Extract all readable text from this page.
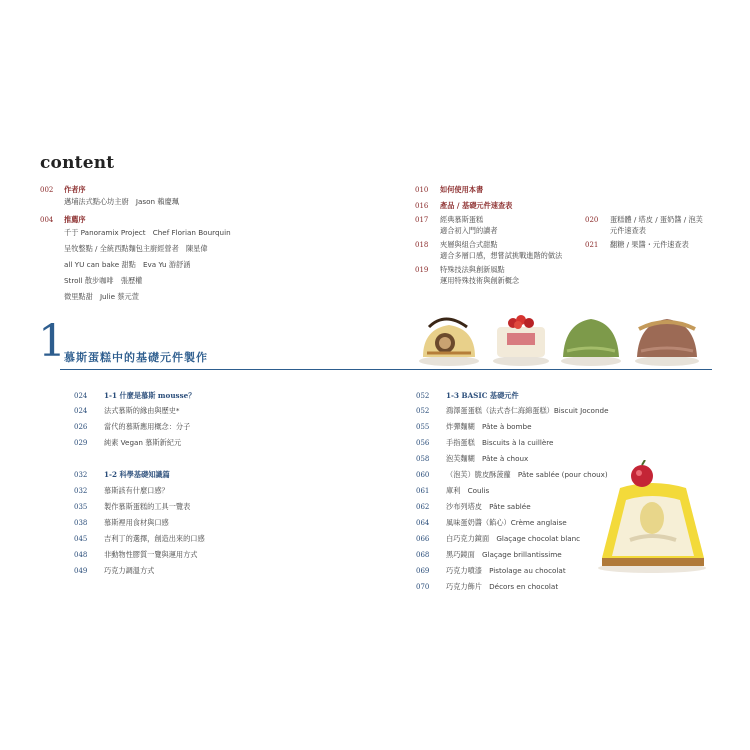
content
002 作者序
邁埔法式點心坊主廚　Jason 賴慶珮
004 推薦序
千于 Panoramix Project　Chef Florian Bourquin
呈牧整點 / 全統西點麵包主廚經營者　陳星偉
all YU can bake 甜點　Eva Yu 游舒涵
Stroll 散步咖啡　張歷權
微里點甜　Julie 蔡元萱
010 如何使用本書
016 產品 / 基礎元件速查表
017 經典慕斯蛋糕
適合初入門的讀者
018 夾層與組合式甜點
適合多層口感，想嘗試挑戰進階的做法
019 特殊技法與創新風點
運用特殊技術與創新概念
020 蛋糕體 / 塔皮 / 蛋奶醬 / 泡芙
元件速查表
021 翻糖 / 果醬・元件速查表
1
慕斯蛋糕中的基礎元件製作
024 1-1 什麼是慕斯 mousse？
024 法式慕斯的緣由與歷史*
026 當代的慕斯應用概念：分子
029 純素 Vegan 慕斯新紀元
032 1-2 科學基礎知識篇
032 慕斯該有什麼口感？
035 製作慕斯蛋糕的工具一覽表
038 慕斯裡用食材與口感
045 吉利丁的選擇，創造出來的口感
048 非動物性膠質一覽與運用方式
049 巧克力調溫方式
052 1-3 BASIC 基礎元件
052 鴻澤蛋蛋糕（法式杏仁海綿蛋糕）Biscuit Joconde
055 炸彈麵糊　Pâte à bombe
056 手指蛋糕　Biscuits à la cuillère
058 泡芙麵糊　Pâte à choux
060 （泡芙）脆皮酥菠蘿　Pâte sablée (pour choux)
061 庫利　Coulis
062 沙布列塔皮　Pâte sablée
064 風味蛋奶醬（餡心）Crème anglaise
066 白巧克力鏡面　Glaçage chocolat blanc
068 黑巧鏡面　Glaçage brillantissime
069 巧克力噴漆　Pistolage au chocolat
070 巧克力飾片　Décors en chocolat
